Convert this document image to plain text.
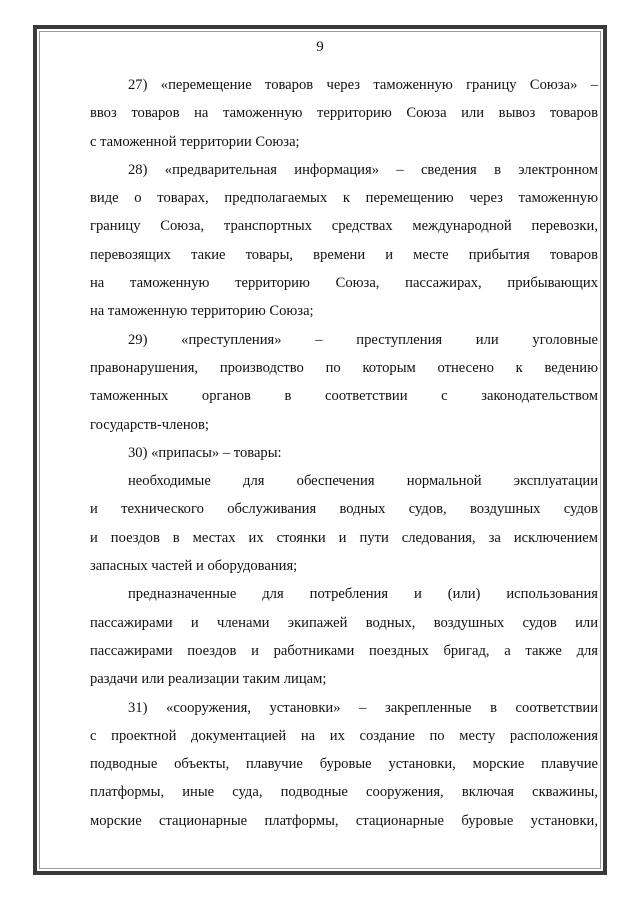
9
27) «перемещение товаров через таможенную границу Союза» –
ввоз товаров на таможенную территорию Союза или вывоз товаров
с таможенной территории Союза;
28) «предварительная информация» – сведения в электронном
виде о товарах, предполагаемых к перемещению через таможенную
границу Союза, транспортных средствах международной перевозки,
перевозящих такие товары, времени и месте прибытия товаров
на таможенную территорию Союза, пассажирах, прибывающих
на таможенную территорию Союза;
29) «преступления» – преступления или уголовные
правонарушения, производство по которым отнесено к ведению
таможенных органов в соответствии с законодательством
государств-членов;
30) «припасы» – товары:
необходимые для обеспечения нормальной эксплуатации
и технического обслуживания водных судов, воздушных судов
и поездов в местах их стоянки и пути следования, за исключением
запасных частей и оборудования;
предназначенные для потребления и (или) использования
пассажирами и членами экипажей водных, воздушных судов или
пассажирами поездов и работниками поездных бригад, а также для
раздачи или реализации таким лицам;
31) «сооружения, установки» – закрепленные в соответствии
с проектной документацией на их создание по месту расположения
подводные объекты, плавучие буровые установки, морские плавучие
платформы, иные суда, подводные сооружения, включая скважины,
морские стационарные платформы, стационарные буровые установки,
